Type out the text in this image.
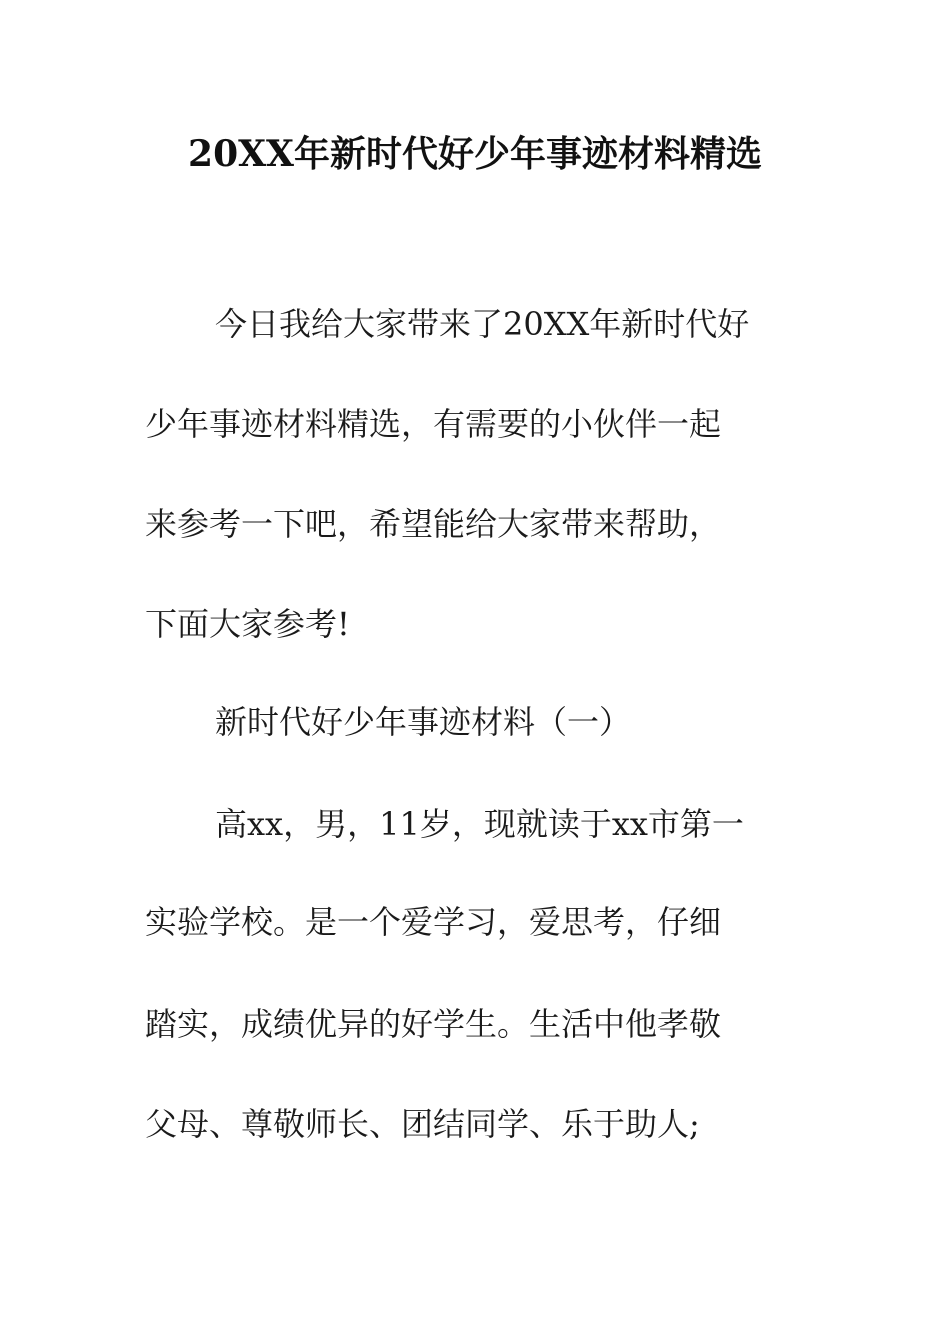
20XX年新时代好少年事迹材料精选
今日我给大家带来了20XX年新时代好
少年事迹材料精选，有需要的小伙伴一起
来参考一下吧，希望能给大家带来帮助，
下面大家参考!
新时代好少年事迹材料（一）
高xx，男，11岁，现就读于xx市第一
实验学校。是一个爱学习，爱思考，仔细
踏实，成绩优异的好学生。生活中他孝敬
父母、尊敬师长、团结同学、乐于助人;
